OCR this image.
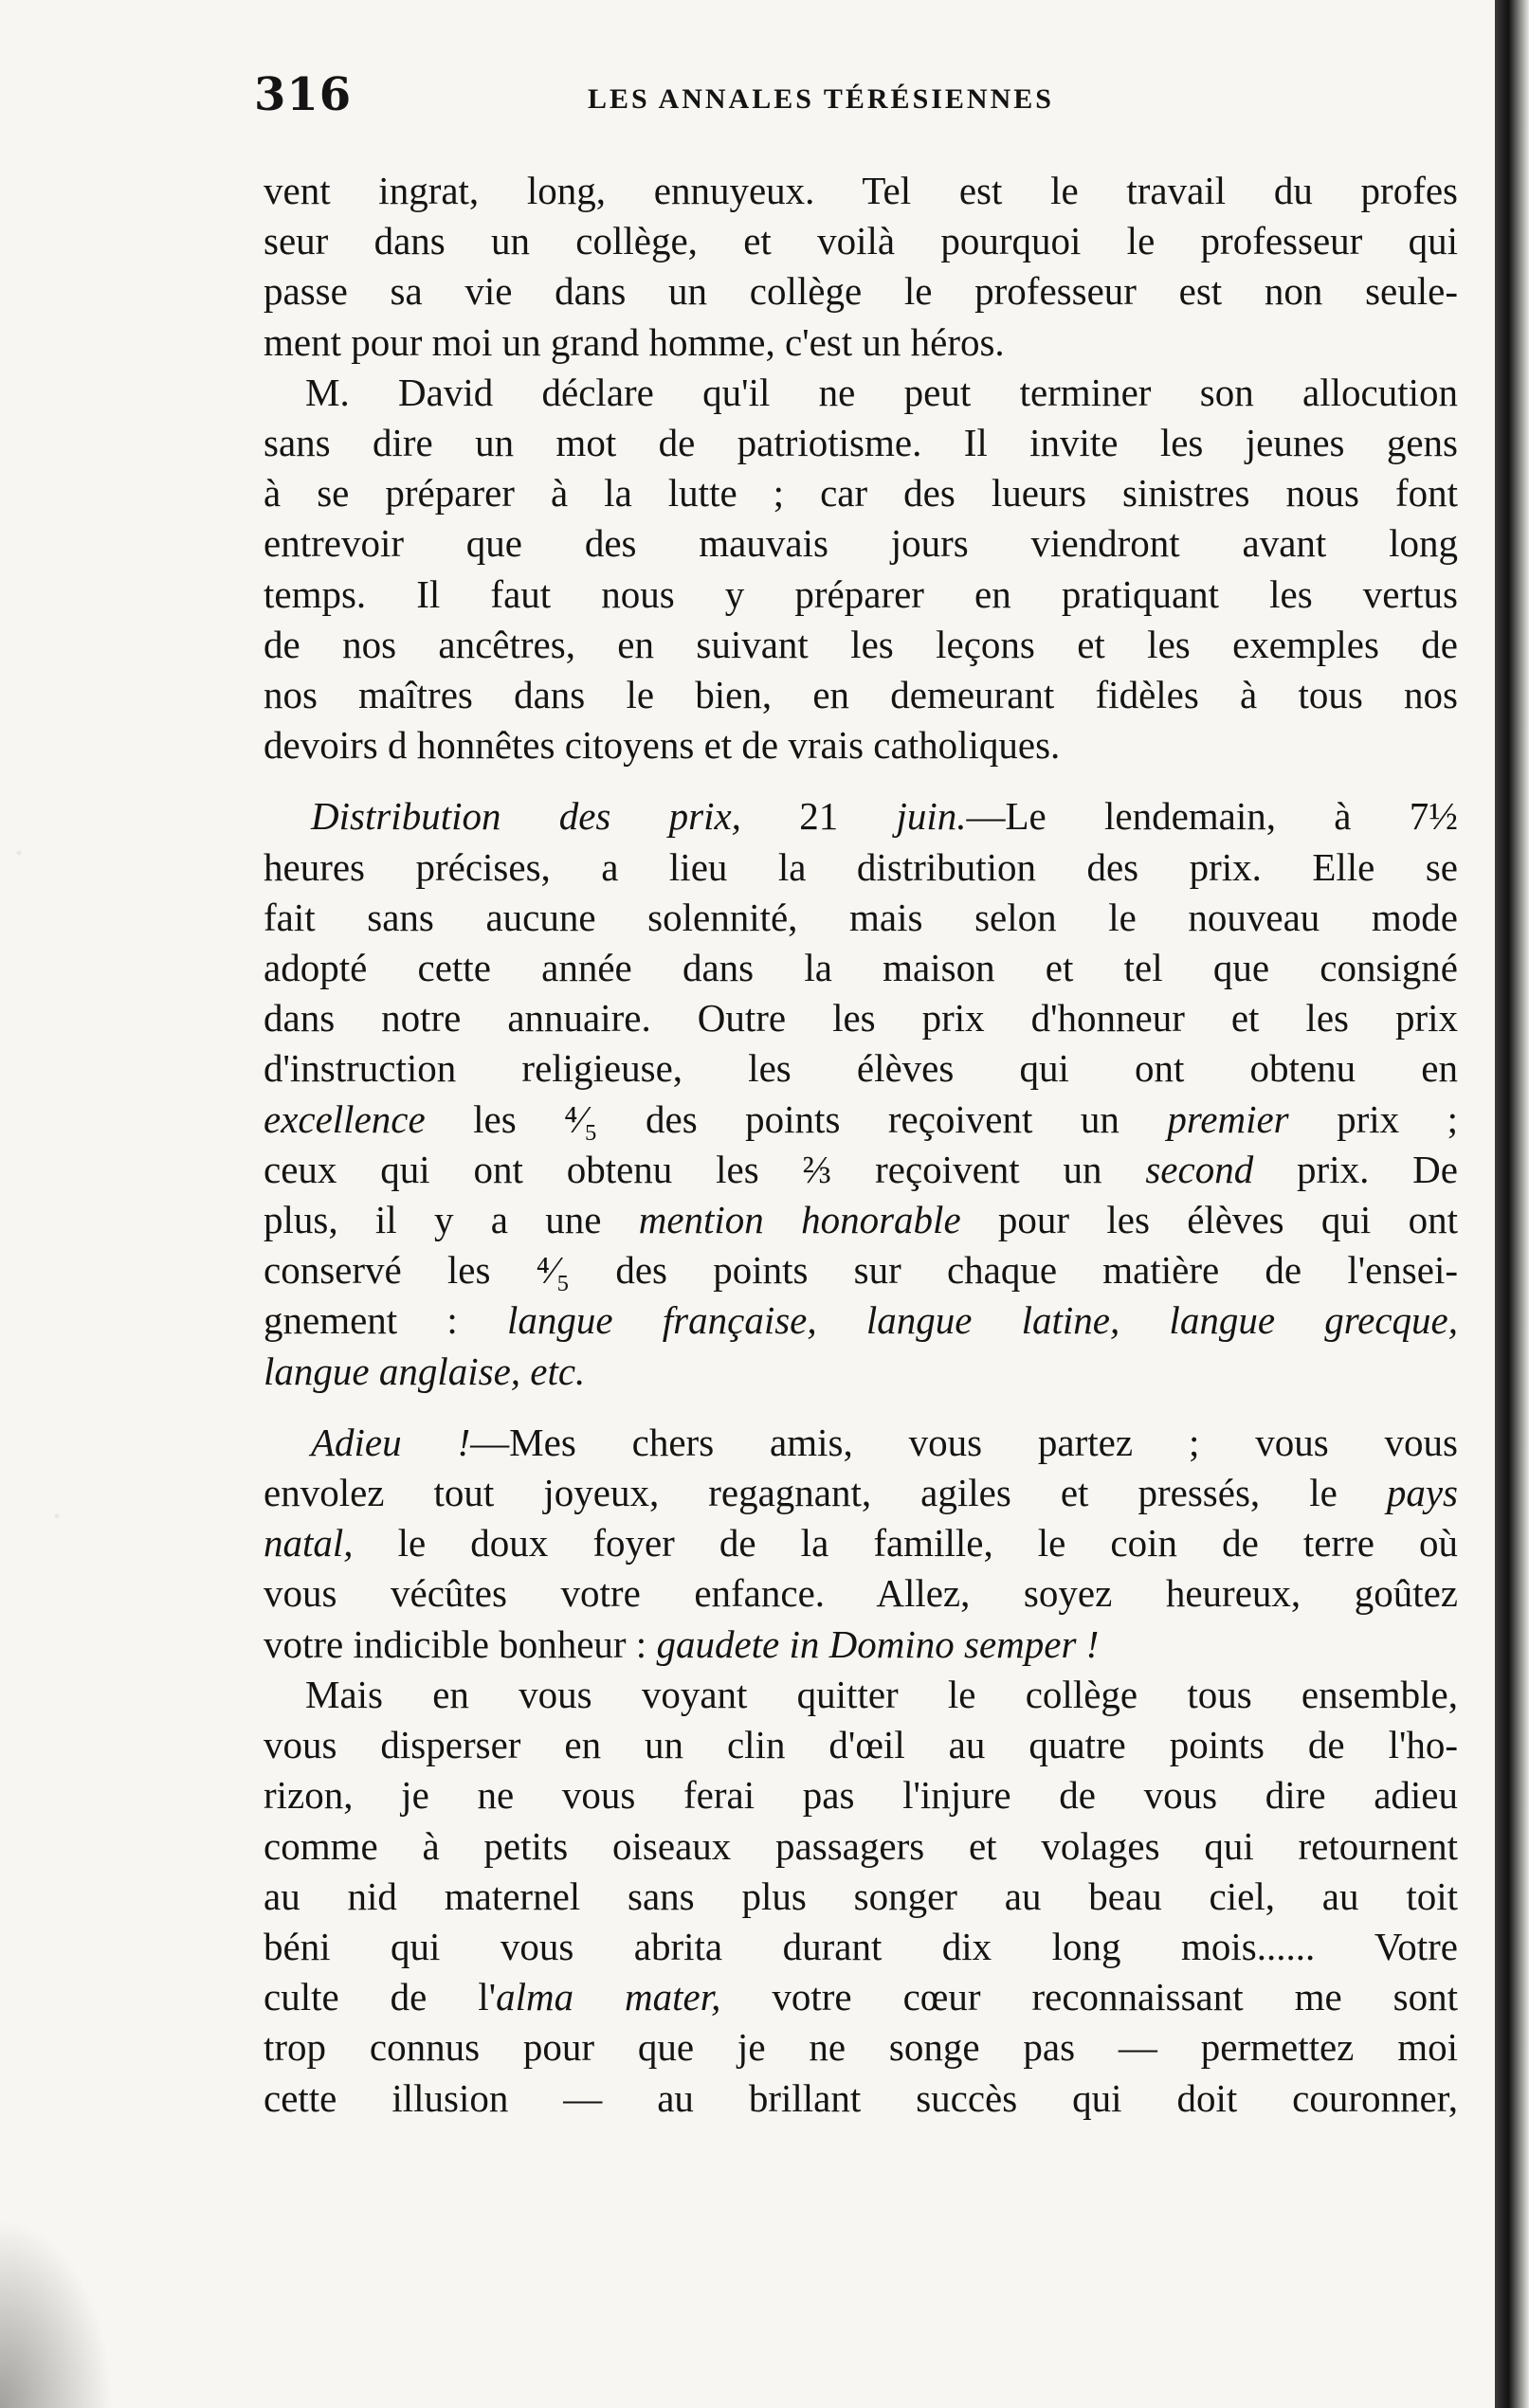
316	LES ANNALES TÉRÉSIENNES

vent ingrat, long, ennuyeux. Tel est le travail du profes
seur dans un collège, et voilà pourquoi le professeur qui
passe sa vie dans un collège le professeur est non seule-
ment pour moi un grand homme, c'est un héros.

M. David déclare qu'il ne peut terminer son allocution
sans dire un mot de patriotisme. Il invite les jeunes gens
à se préparer à la lutte ; car des lueurs sinistres nous font
entrevoir que des mauvais jours viendront avant long
temps. Il faut nous y préparer en pratiquant les vertus
de nos ancêtres, en suivant les leçons et les exemples de
nos maîtres dans le bien, en demeurant fidèles à tous nos
devoirs d honnêtes citoyens et de vrais catholiques.

Distribution des prix, 21 juin.—Le lendemain, à 7½
heures précises, a lieu la distribution des prix. Elle se
fait sans aucune solennité, mais selon le nouveau mode
adopté cette année dans la maison et tel que consigné
dans notre annuaire. Outre les prix d'honneur et les prix
d'instruction religieuse, les élèves qui ont obtenu en
excellence les ⁴⁄₅ des points reçoivent un premier prix ;
ceux qui ont obtenu les ⅔ reçoivent un second prix. De
plus, il y a une mention honorable pour les élèves qui ont
conservé les ⁴⁄₅ des points sur chaque matière de l'ensei-
gnement : langue française, langue latine, langue grecque,
langue anglaise, etc.

Adieu !—Mes chers amis, vous partez ; vous vous
envolez tout joyeux, regagnant, agiles et pressés, le pays
natal, le doux foyer de la famille, le coin de terre où
vous vécûtes votre enfance. Allez, soyez heureux, goûtez
votre indicible bonheur : gaudete in Domino semper !

Mais en vous voyant quitter le collège tous ensemble,
vous disperser en un clin d'œil au quatre points de l'ho-
rizon, je ne vous ferai pas l'injure de vous dire adieu
comme à petits oiseaux passagers et volages qui retournent
au nid maternel sans plus songer au beau ciel, au toit
béni qui vous abrita durant dix long mois...... Votre
culte de l'alma mater, votre cœur reconnaissant me sont
trop connus pour que je ne songe pas — permettez moi
cette illusion — au brillant succès qui doit couronner,
